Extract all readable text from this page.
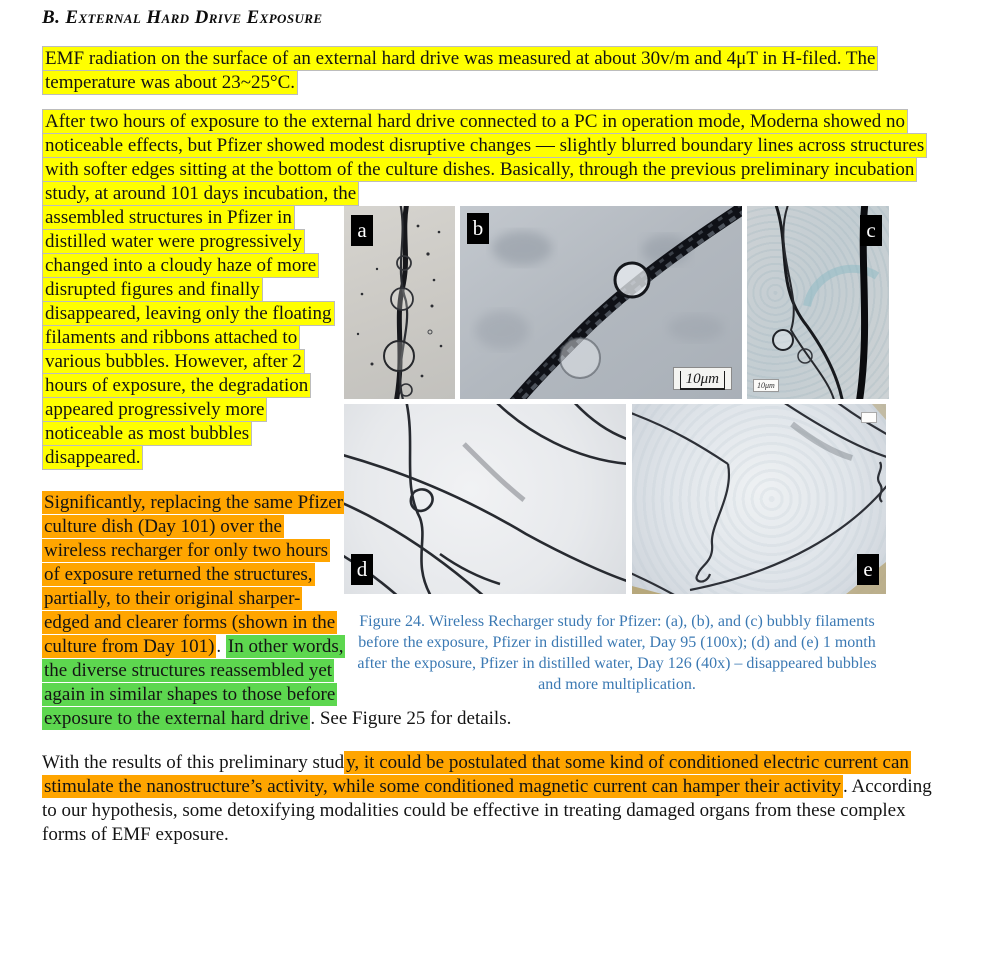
B. External Hard Drive Exposure

EMF radiation on the surface of an external hard drive was measured at about 30v/m and 4μT in H-filed. The temperature was about 23~25°C.

After two hours of exposure to the external hard drive connected to a PC in operation mode, Moderna showed no noticeable effects, but Pfizer showed modest disruptive changes — slightly blurred boundary lines across structures with softer edges sitting at the bottom of the culture dishes. Basically, through the previous preliminary incubation study, at around 101 days incubation, the

a	b
10μm
c
10μm
d	e
Figure 24. Wireless Recharger study for Pfizer: (a), (b), and (c) bubbly filaments before the exposure, Pfizer in distilled water, Day 95 (100x); (d) and (e) 1 month after the exposure, Pfizer in distilled water, Day 126 (40x) – disappeared bubbles and more multiplication.

assembled structures in Pfizer in distilled water were progressively changed into a cloudy haze of more disrupted figures and finally disappeared, leaving only the floating filaments and ribbons attached to various bubbles. However, after 2 hours of exposure, the degradation appeared progressively more noticeable as most bubbles disappeared.

Significantly, replacing the same Pfizer culture dish (Day 101) over the wireless recharger for only two hours of exposure returned the structures, partially, to their original sharper-edged and clearer forms (shown in the culture from Day 101) . In other words, the diverse structures reassembled yet again in similar shapes to those before exposure to the external hard drive . See Figure 25 for details.

With the results of this preliminary stud y, it could be postulated that some kind of conditioned electric current can stimulate the nanostructure’s activity, while some conditioned magnetic current can hamper their activity . According to our hypothesis, some detoxifying modalities could be effective in treating damaged organs from these complex forms of EMF exposure.
